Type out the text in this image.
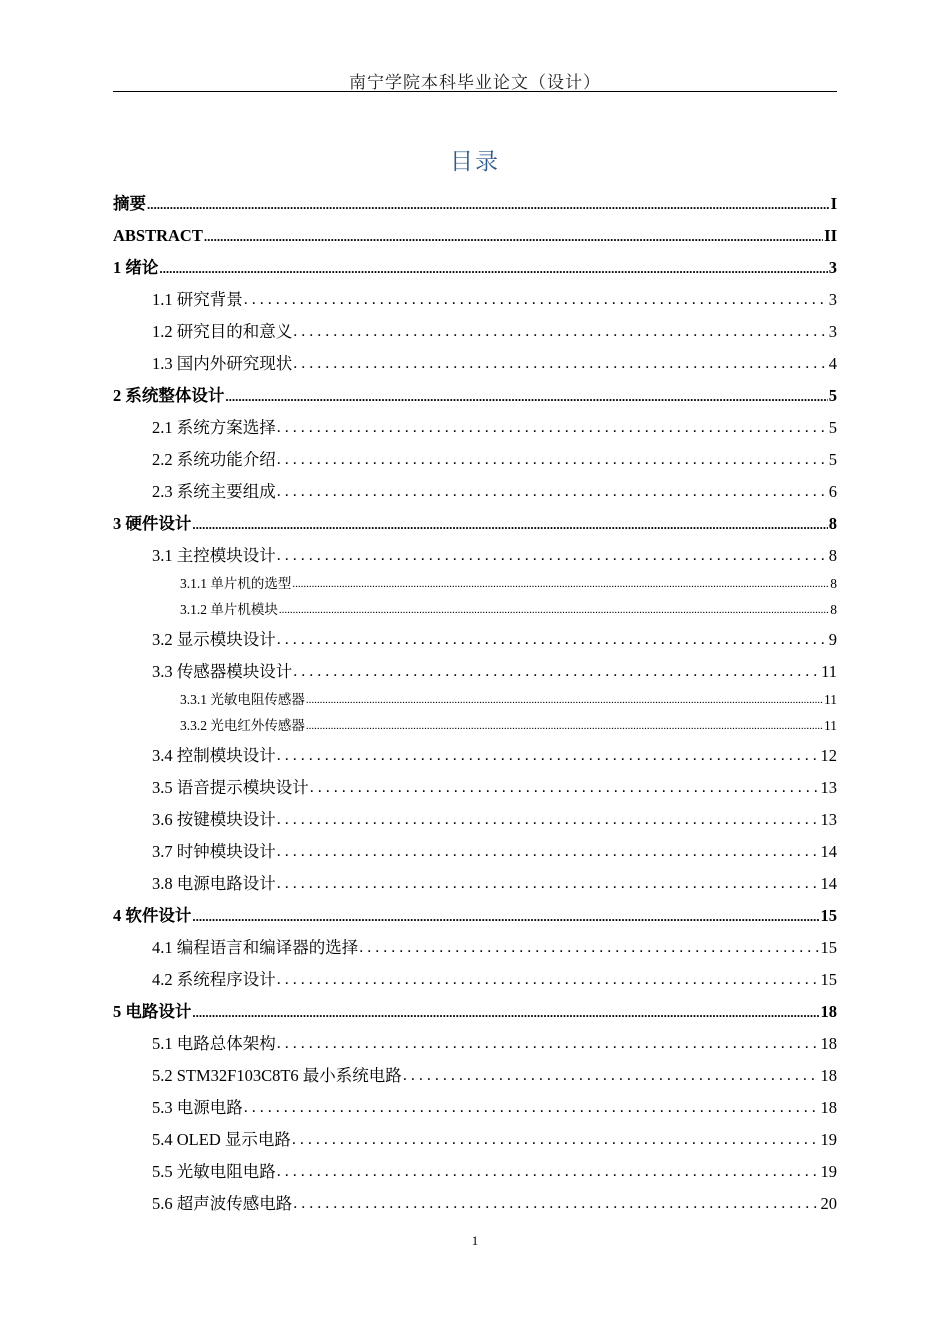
南宁学院本科毕业论文（设计）
目录
摘要 .....	I
ABSTRACT .....	II
1 绪论 .....	3
1.1 研究背景 . . .	3
1.2 研究目的和意义 . . .	3
1.3 国内外研究现状 . . .	4
2 系统整体设计 .....	5
2.1 系统方案选择 . . .	5
2.2 系统功能介绍 . . .	5
2.3 系统主要组成 . . .	6
3 硬件设计 .....	8
3.1 主控模块设计 . . .	8
3.1.1 单片机的选型 .....	8
3.1.2 单片机模块 .....	8
3.2 显示模块设计 . . .	9
3.3 传感器模块设计 . . .	11
3.3.1 光敏电阻传感器 .....	11
3.3.2 光电红外传感器 .....	11
3.4 控制模块设计 . . .	12
3.5 语音提示模块设计 . . .	13
3.6 按键模块设计 . . .	13
3.7 时钟模块设计 . . .	14
3.8 电源电路设计 . . .	14
4 软件设计 .....	15
4.1 编程语言和编译器的选择 . . .	15
4.2 系统程序设计 . . .	15
5 电路设计 .....	18
5.1 电路总体架构 . . .	18
5.2 STM32F103C8T6 最小系统电路 . . .	18
5.3 电源电路 . . .	18
5.4 OLED 显示电路 . . .	19
5.5 光敏电阻电路 . . .	19
5.6 超声波传感电路 . . .	20
1
